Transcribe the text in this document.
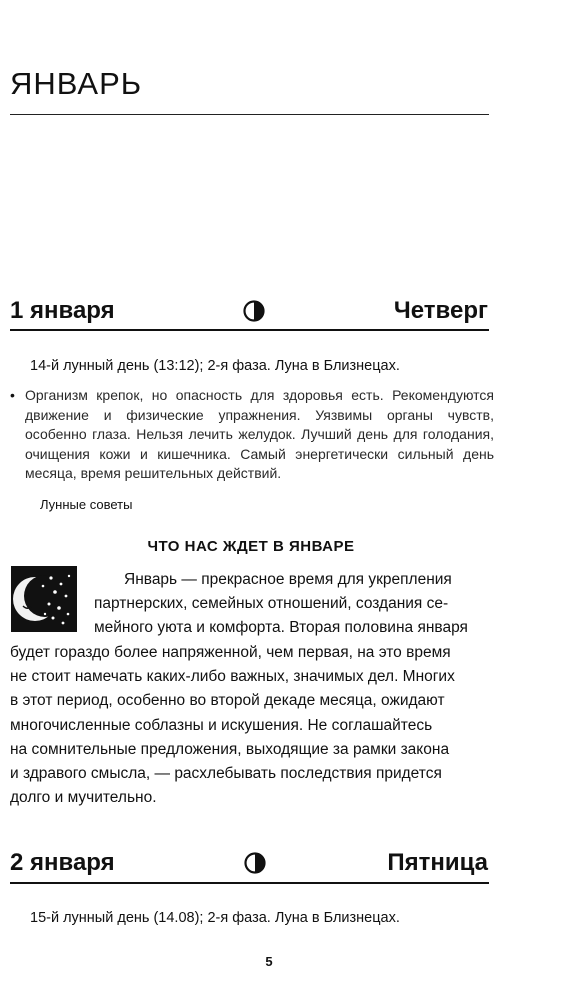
ЯНВАРЬ
1 января	Четверг
14-й лунный день (13:12); 2-я фаза. Луна в Близнецах.
• Организм крепок, но опасность для здоровья есть. Рекомендуются движение и физические упражнения. Уязвимы органы чувств, особенно глаза. Нельзя лечить желудок. Лучший день для голодания, очищения кожи и кишечника. Самый энергетически сильный день месяца, время решительных действий.
Лунные советы
ЧТО НАС ЖДЕТ В ЯНВАРЕ
Январь — прекрасное время для укрепления
партнерских, семейных отношений, создания се-
мейного уюта и комфорта. Вторая половина января
будет гораздо более напряженной, чем первая, на это время
не стоит намечать каких-либо важных, значимых дел. Многих
в этот период, особенно во второй декаде месяца, ожидают
многочисленные соблазны и искушения. Не соглашайтесь
на сомнительные предложения, выходящие за рамки закона
и здравого смысла, — расхлебывать последствия придется
долго и мучительно.
2 января	Пятница
15-й лунный день (14.08); 2-я фаза. Луна в Близнецах.
5
